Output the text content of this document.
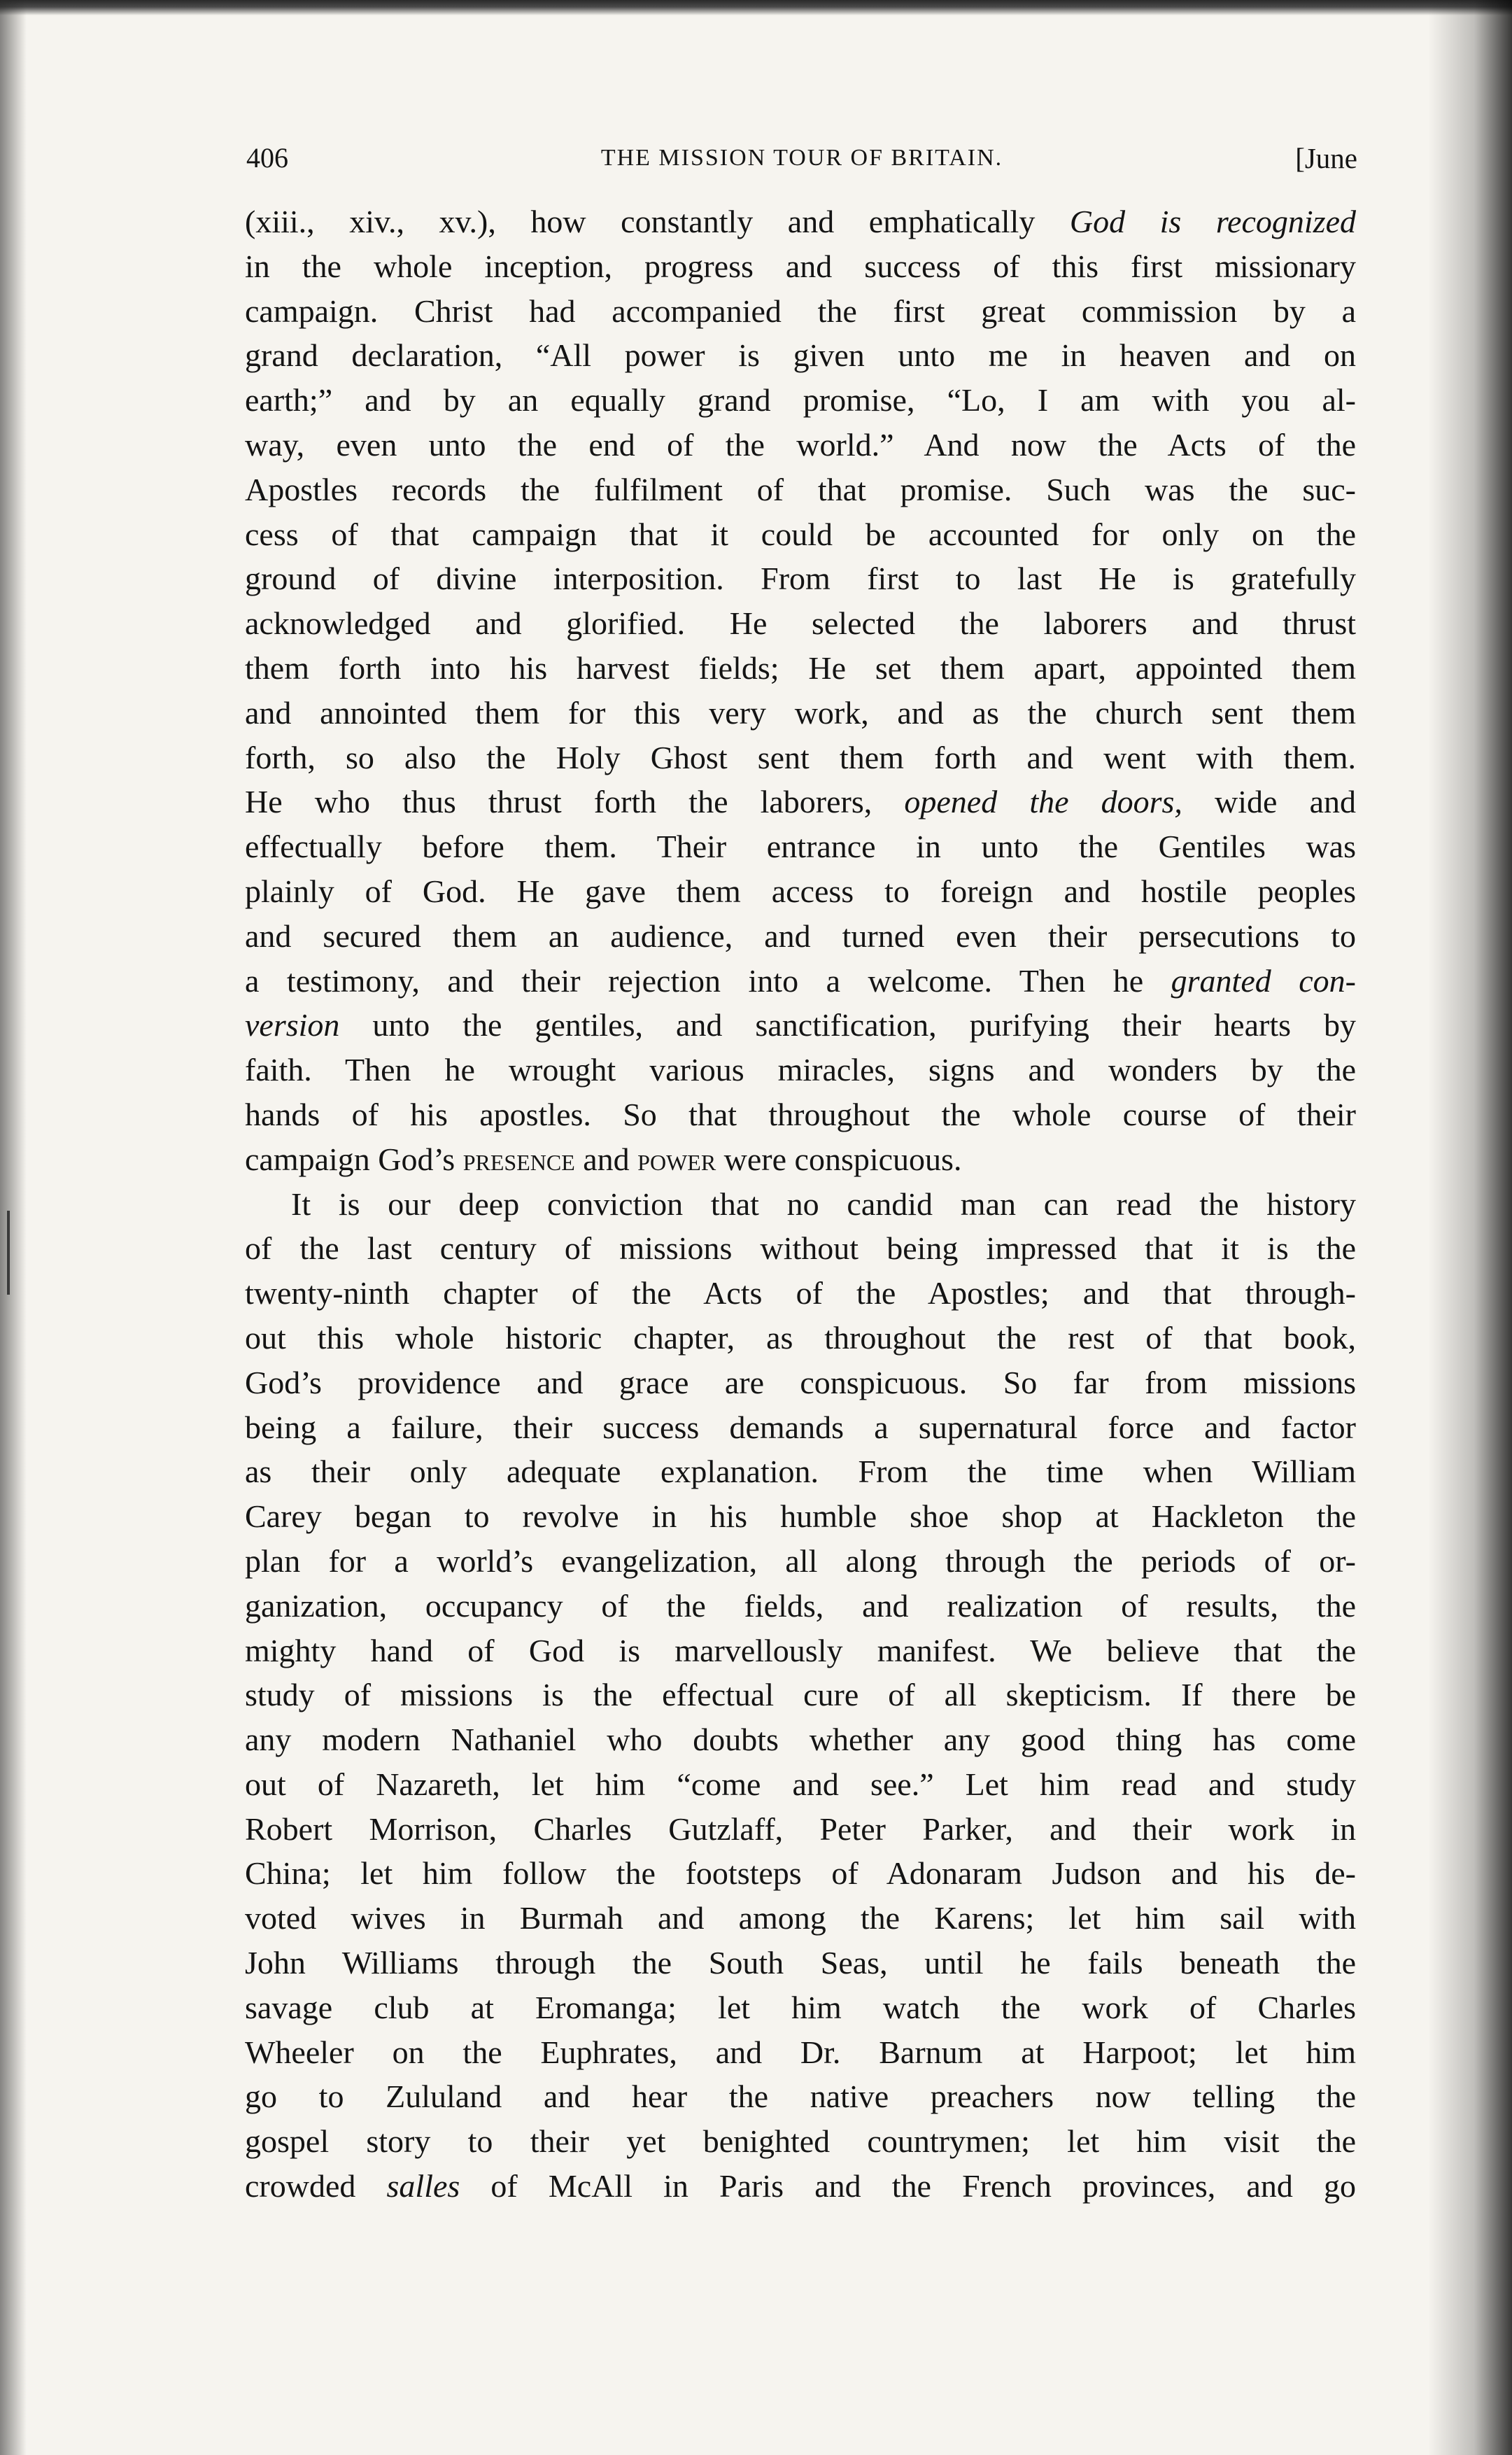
406	THE MISSION TOUR OF BRITAIN.	[June
(xiii., xiv., xv.), how constantly and emphatically God is recognized
in the whole inception, progress and success of this first missionary
campaign. Christ had accompanied the first great commission by a
grand declaration, “All power is given unto me in heaven and on
earth;” and by an equally grand promise, “Lo, I am with you al-
way, even unto the end of the world.” And now the Acts of the
Apostles records the fulfilment of that promise. Such was the suc-
cess of that campaign that it could be accounted for only on the
ground of divine interposition. From first to last He is gratefully
acknowledged and glorified. He selected the laborers and thrust
them forth into his harvest fields; He set them apart, appointed them
and annointed them for this very work, and as the church sent them
forth, so also the Holy Ghost sent them forth and went with them.
He who thus thrust forth the laborers, opened the doors, wide and
effectually before them. Their entrance in unto the Gentiles was
plainly of God. He gave them access to foreign and hostile peoples
and secured them an audience, and turned even their persecutions to
a testimony, and their rejection into a welcome. Then he granted con-
version unto the gentiles, and sanctification, purifying their hearts by
faith. Then he wrought various miracles, signs and wonders by the
hands of his apostles. So that throughout the whole course of their
campaign God’s presence and power were conspicuous.
It is our deep conviction that no candid man can read the history
of the last century of missions without being impressed that it is the
twenty-ninth chapter of the Acts of the Apostles; and that through-
out this whole historic chapter, as throughout the rest of that book,
God’s providence and grace are conspicuous. So far from missions
being a failure, their success demands a supernatural force and factor
as their only adequate explanation. From the time when William
Carey began to revolve in his humble shoe shop at Hackleton the
plan for a world’s evangelization, all along through the periods of or-
ganization, occupancy of the fields, and realization of results, the
mighty hand of God is marvellously manifest. We believe that the
study of missions is the effectual cure of all skepticism. If there be
any modern Nathaniel who doubts whether any good thing has come
out of Nazareth, let him “come and see.” Let him read and study
Robert Morrison, Charles Gutzlaff, Peter Parker, and their work in
China; let him follow the footsteps of Adonaram Judson and his de-
voted wives in Burmah and among the Karens; let him sail with
John Williams through the South Seas, until he fails beneath the
savage club at Eromanga; let him watch the work of Charles
Wheeler on the Euphrates, and Dr. Barnum at Harpoot; let him
go to Zululand and hear the native preachers now telling the
gospel story to their yet benighted countrymen; let him visit the
crowded salles of McAll in Paris and the French provinces, and go
